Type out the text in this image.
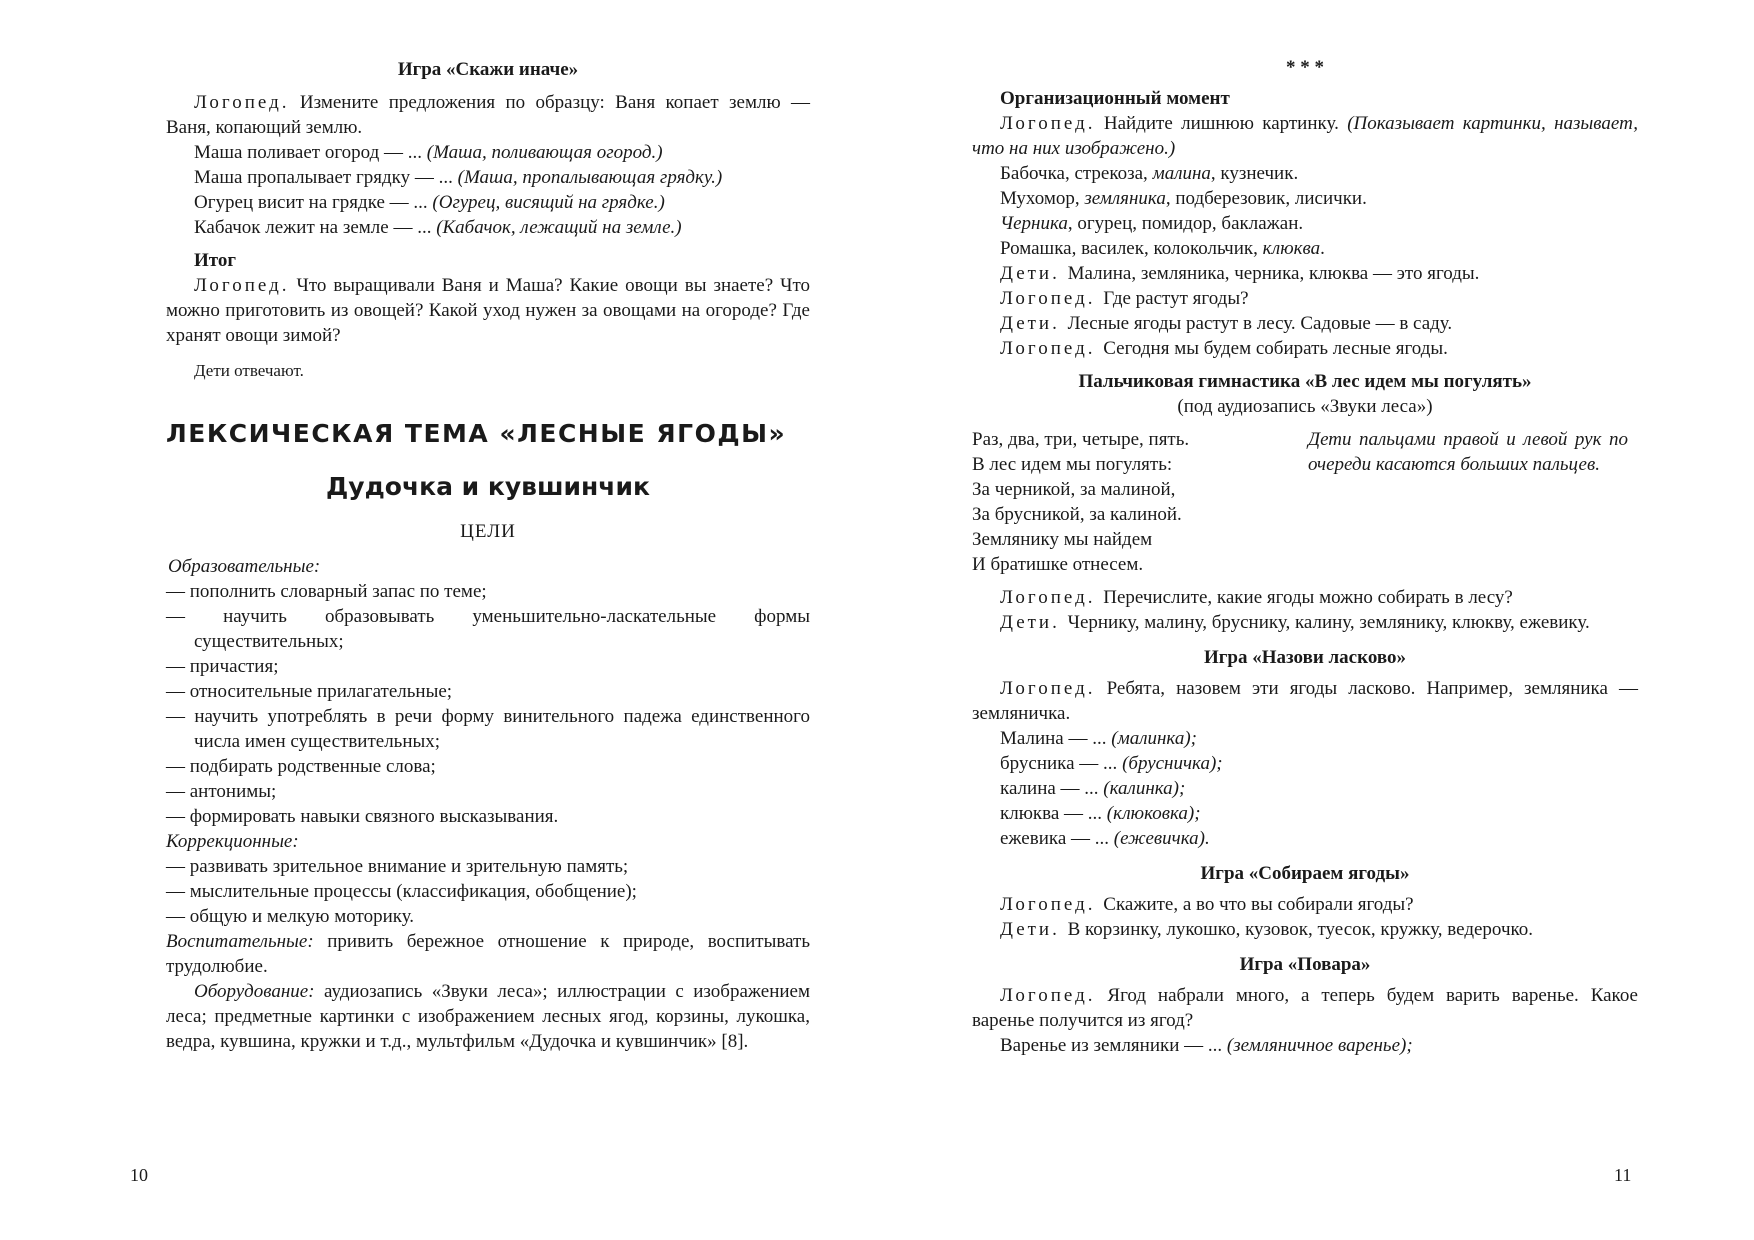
Игра «Скажи иначе»

Логопед. Измените предложения по образцу: Ваня копает землю — Ваня, копающий землю.

Маша поливает огород — ... (Маша, поливающая огород.)

Маша пропалывает грядку — ... (Маша, пропалывающая грядку.)

Огурец висит на грядке — ... (Огурец, висящий на грядке.)

Кабачок лежит на земле — ... (Кабачок, лежащий на земле.)

Итог

Логопед. Что выращивали Ваня и Маша? Какие овощи вы знаете? Что можно приготовить из овощей? Какой уход нужен за овощами на огороде? Где хранят овощи зимой?

Дети отвечают.

ЛЕКСИЧЕСКАЯ ТЕМА «ЛЕСНЫЕ ЯГОДЫ»
Дудочка и кувшинчик
ЦЕЛИ

Образовательные:

— пополнить словарный запас по теме;

— научить образовывать уменьшительно-ласкательные формы существительных;

— причастия;

— относительные прилагательные;

— научить употреблять в речи форму винительного падежа единственного числа имен существительных;

— подбирать родственные слова;

— антонимы;

— формировать навыки связного высказывания.

Коррекционные:

— развивать зрительное внимание и зрительную память;

— мыслительные процессы (классификация, обобщение);

— общую и мелкую моторику.

Воспитательные: привить бережное отношение к природе, воспитывать трудолюбие.

Оборудование: аудиозапись «Звуки леса»; иллюстрации с изображением леса; предметные картинки с изображением лесных ягод, корзины, лукошка, ведра, кувшина, кружки и т.д., мультфильм «Дудочка и кувшинчик» [8].

10
* * *
Организационный момент

Логопед. Найдите лишнюю картинку. (Показывает картинки, называет, что на них изображено.)

Бабочка, стрекоза, малина, кузнечик.

Мухомор, земляника, подберезовик, лисички.

Черника, огурец, помидор, баклажан.

Ромашка, василек, колокольчик, клюква.

Дети. Малина, земляника, черника, клюква — это ягоды.

Логопед. Где растут ягоды?

Дети. Лесные ягоды растут в лесу. Садовые — в саду.

Логопед. Сегодня мы будем собирать лесные ягоды.

Пальчиковая гимнастика «В лес идем мы погулять»
(под аудиозапись «Звуки леса»)

Раз, два, три, четыре, пять.

В лес идем мы погулять:

За черникой, за малиной,

За брусникой, за калиной.

Землянику мы найдем

И братишке отнесем.

Дети пальцами правой и левой рук по очереди касаются больших пальцев.

Логопед. Перечислите, какие ягоды можно собирать в лесу?

Дети. Чернику, малину, бруснику, калину, землянику, клюкву, ежевику.

Игра «Назови ласково»

Логопед. Ребята, назовем эти ягоды ласково. Например, земляника — земляничка.

Малина — ... (малинка);

брусника — ... (брусничка);

калина — ... (калинка);

клюква — ... (клюковка);

ежевика — ... (ежевичка).

Игра «Собираем ягоды»

Логопед. Скажите, а во что вы собирали ягоды?

Дети. В корзинку, лукошко, кузовок, туесок, кружку, ведерочко.

Игра «Повара»

Логопед. Ягод набрали много, а теперь будем варить варенье. Какое варенье получится из ягод?

Варенье из земляники — ... (земляничное варенье);

11
